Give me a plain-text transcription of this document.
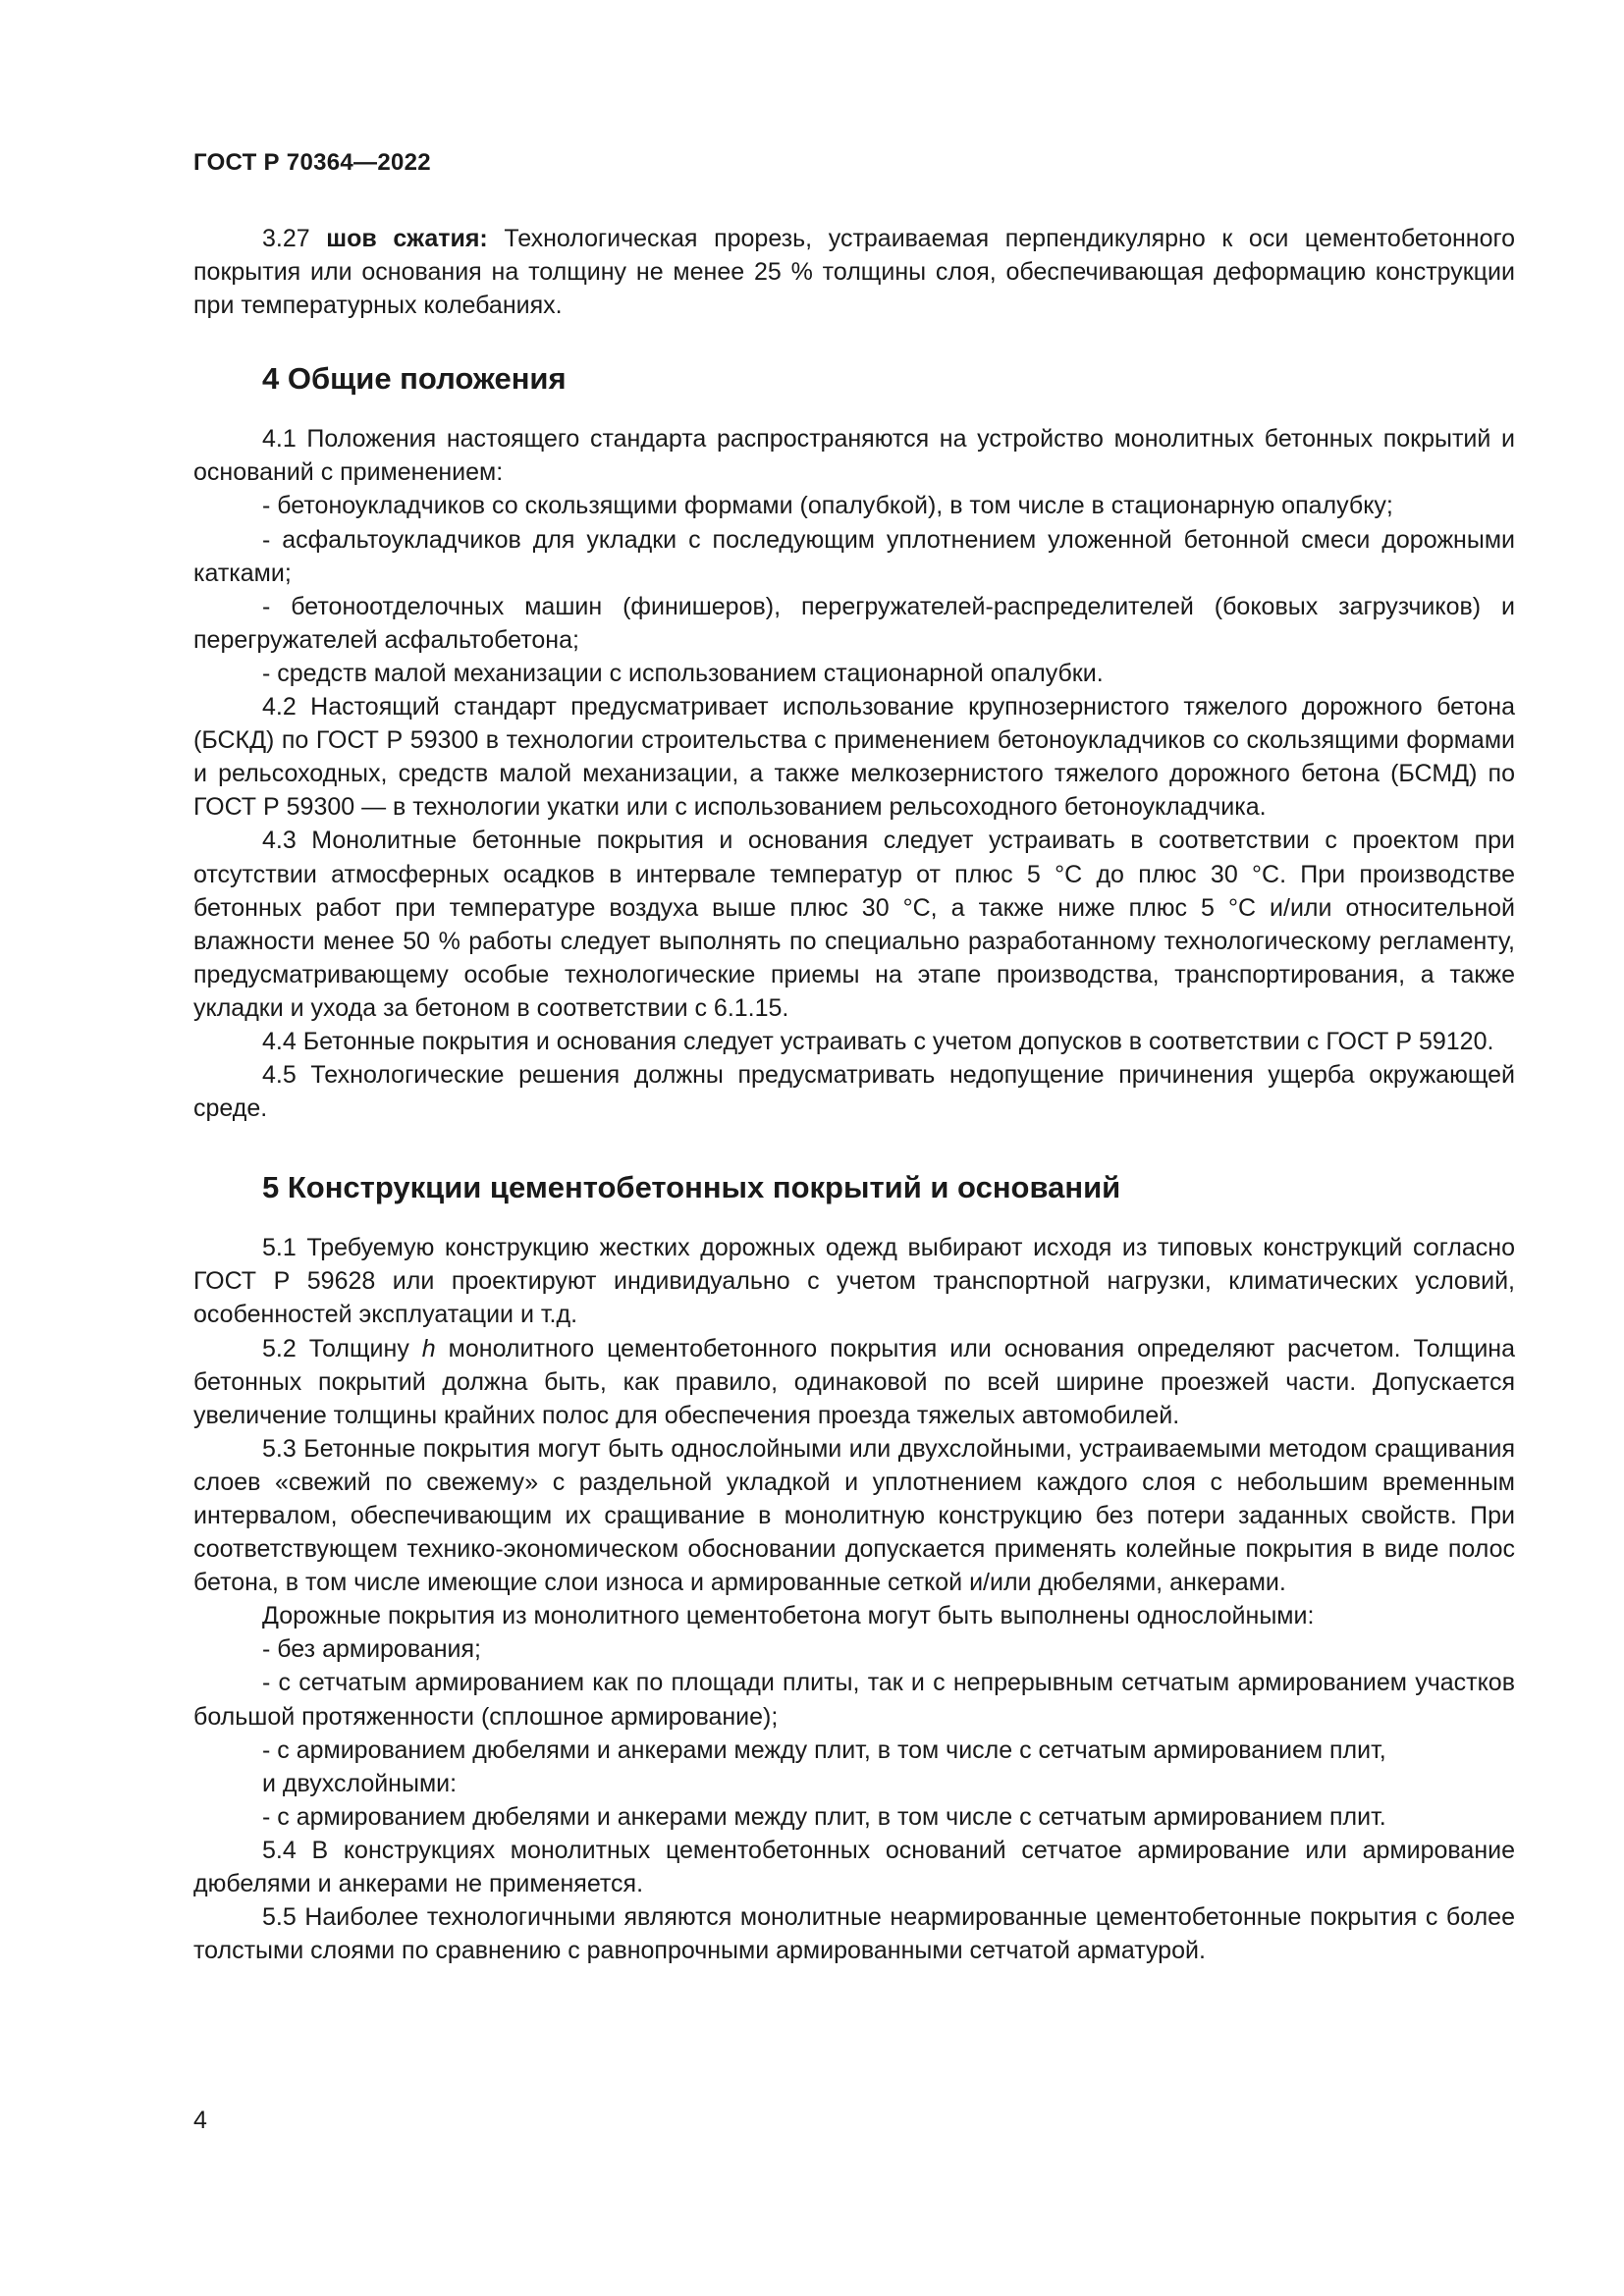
ГОСТ Р 70364—2022

3.27 шов сжатия: Технологическая прорезь, устраиваемая перпендикулярно к оси цементобетонного покрытия или основания на толщину не менее 25 % толщины слоя, обеспечивающая деформацию конструкции при температурных колебаниях.

4 Общие положения

4.1 Положения настоящего стандарта распространяются на устройство монолитных бетонных покрытий и оснований с применением:

- бетоноукладчиков со скользящими формами (опалубкой), в том числе в стационарную опалубку;

- асфальтоукладчиков для укладки с последующим уплотнением уложенной бетонной смеси дорожными катками;

- бетоноотделочных машин (финишеров), перегружателей-распределителей (боковых загрузчиков) и перегружателей асфальтобетона;

- средств малой механизации с использованием стационарной опалубки.

4.2 Настоящий стандарт предусматривает использование крупнозернистого тяжелого дорожного бетона (БСКД) по ГОСТ Р 59300 в технологии строительства с применением бетоноукладчиков со скользящими формами и рельсоходных, средств малой механизации, а также мелкозернистого тяжелого дорожного бетона (БСМД) по ГОСТ Р 59300 — в технологии укатки или с использованием рельсоходного бетоноукладчика.

4.3 Монолитные бетонные покрытия и основания следует устраивать в соответствии с проектом при отсутствии атмосферных осадков в интервале температур от плюс 5 °С до плюс 30 °С. При производстве бетонных работ при температуре воздуха выше плюс 30 °С, а также ниже плюс 5 °С и/или относительной влажности менее 50 % работы следует выполнять по специально разработанному технологическому регламенту, предусматривающему особые технологические приемы на этапе производства, транспортирования, а также укладки и ухода за бетоном в соответствии с 6.1.15.

4.4 Бетонные покрытия и основания следует устраивать с учетом допусков в соответствии с ГОСТ Р 59120.

4.5 Технологические решения должны предусматривать недопущение причинения ущерба окружающей среде.

5 Конструкции цементобетонных покрытий и оснований

5.1 Требуемую конструкцию жестких дорожных одежд выбирают исходя из типовых конструкций согласно ГОСТ Р 59628 или проектируют индивидуально с учетом транспортной нагрузки, климатических условий, особенностей эксплуатации и т.д.

5.2 Толщину h монолитного цементобетонного покрытия или основания определяют расчетом. Толщина бетонных покрытий должна быть, как правило, одинаковой по всей ширине проезжей части. Допускается увеличение толщины крайних полос для обеспечения проезда тяжелых автомобилей.

5.3 Бетонные покрытия могут быть однослойными или двухслойными, устраиваемыми методом сращивания слоев «свежий по свежему» с раздельной укладкой и уплотнением каждого слоя с небольшим временным интервалом, обеспечивающим их сращивание в монолитную конструкцию без потери заданных свойств. При соответствующем технико-экономическом обосновании допускается применять колейные покрытия в виде полос бетона, в том числе имеющие слои износа и армированные сеткой и/или дюбелями, анкерами.

Дорожные покрытия из монолитного цементобетона могут быть выполнены однослойными:

- без армирования;

- с сетчатым армированием как по площади плиты, так и с непрерывным сетчатым армированием участков большой протяженности (сплошное армирование);

- с армированием дюбелями и анкерами между плит, в том числе с сетчатым армированием плит,

и двухслойными:

- с армированием дюбелями и анкерами между плит, в том числе с сетчатым армированием плит.

5.4 В конструкциях монолитных цементобетонных оснований сетчатое армирование или армирование дюбелями и анкерами не применяется.

5.5 Наиболее технологичными являются монолитные неармированные цементобетонные покрытия с более толстыми слоями по сравнению с равнопрочными армированными сетчатой арматурой.

4
